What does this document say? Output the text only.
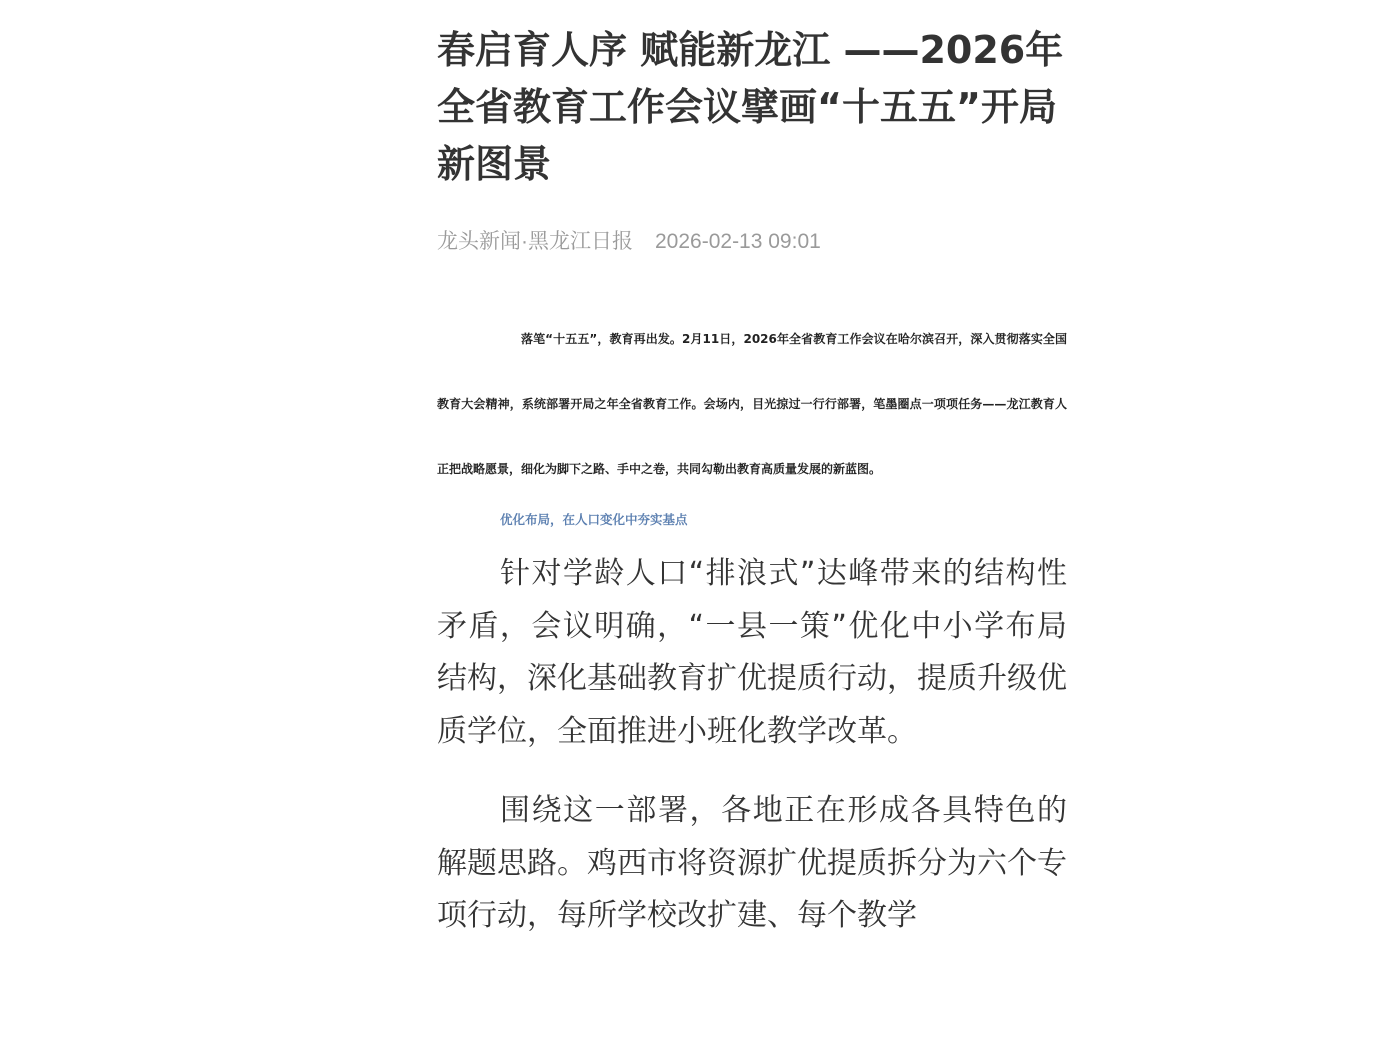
春启育人序 赋能新龙江 ——2026年全省教育工作会议擘画“十五五”开局新图景
龙头新闻·黑龙江日报 2026-02-13 09:01

落笔“十五五”，教育再出发。2月11日，2026年全省教育工作会议在哈尔滨召开，深入贯彻落实全国教育大会精神，系统部署开局之年全省教育工作。会场内，目光掠过一行行部署，笔墨圈点一项项任务——龙江教育人正把战略愿景，细化为脚下之路、手中之卷，共同勾勒出教育高质量发展的新蓝图。

优化布局，在人口变化中夯实基点

针对学龄人口“排浪式”达峰带来的结构性矛盾，会议明确，“一县一策”优化中小学布局结构，深化基础教育扩优提质行动，提质升级优质学位，全面推进小班化教学改革。

围绕这一部署，各地正在形成各具特色的解题思路。鸡西市将资源扩优提质拆分为六个专项行动，每所学校改扩建、每个教学
